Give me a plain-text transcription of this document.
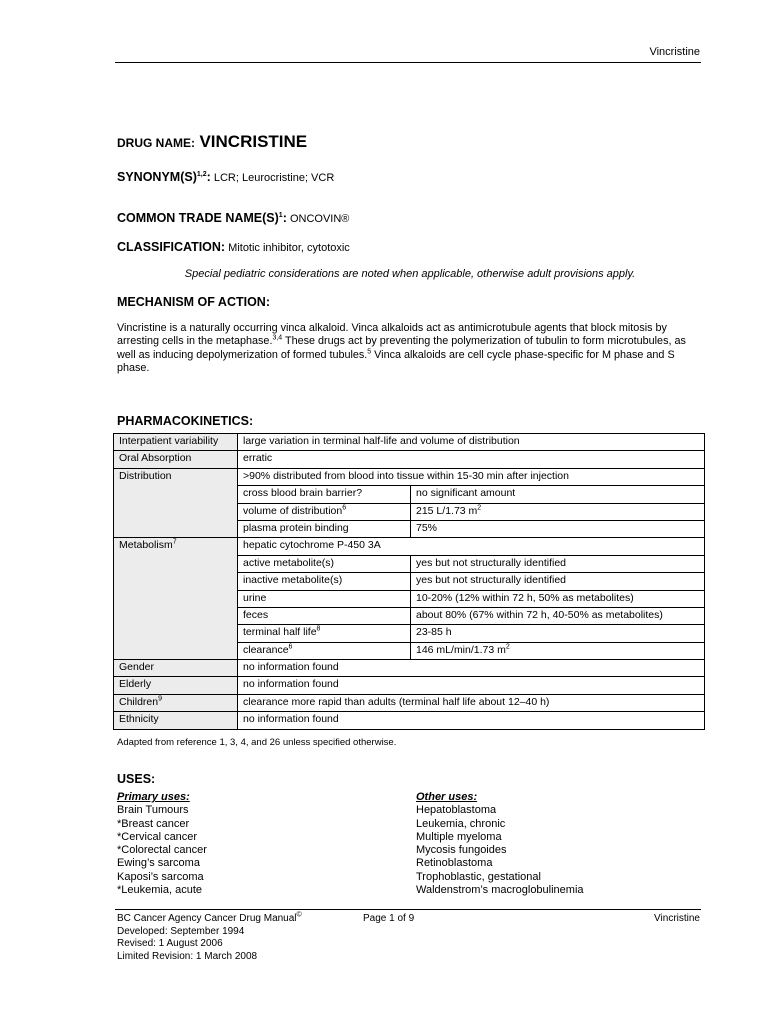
Vincristine
DRUG NAME: VINCRISTINE
$SYNONYM(S)^{1,2}$: LCR; Leurocristine; VCR
COMMON TRADE $NAME(S)^1$: ONCOVIN®
CLASSIFICATION: Mitotic inhibitor, cytotoxic
Special pediatric considerations are noted when applicable, otherwise adult provisions apply.
MECHANISM OF ACTION:
Vincristine is a naturally occurring vinca alkaloid. Vinca alkaloids act as antimicrotubule agents that block mitosis by arresting cells in the metaphase.$^{3,4}$ These drugs act by preventing the polymerization of tubulin to form microtubules, as well as inducing depolymerization of formed tubules.$^5$ Vinca alkaloids are cell cycle phase-specific for M phase and S phase.
PHARMACOKINETICS:
Interpatient variability	large variation in terminal half-life and volume of distribution	
Oral Absorption	erratic	
Distribution	>90% distributed from blood into tissue within 15-30 min after injection	
	cross blood brain barrier?	no significant amount
	volume of distribution$^6$	215 L/1.73 $m^2$
	plasma protein binding	75%
Metabolism$^7$	hepatic cytochrome P-450 3A	
	active metabolite(s)	yes but not structurally identified
	inactive metabolite(s)	yes but not structurally identified
	urine	10-20% (12% within 72 h, 50% as metabolites)
	feces	about 80% (67% within 72 h, 40-50% as metabolites)
	terminal half life$^8$	23-85 h
	clearance$^6$	146 mL/min/1.73 $m^2$
Gender	no information found	
Elderly	no information found	
Children$^9$	clearance more rapid than adults (terminal half life about 12–40 h)	
Ethnicity	no information found	
Adapted from reference 1, 3, 4, and 26 unless specified otherwise.
USES:
Primary uses:
Brain Tumours
*Breast cancer
*Cervical cancer
*Colorectal cancer
Ewing’s sarcoma
Kaposi’s sarcoma
*Leukemia, acute
Other uses:
Hepatoblastoma
Leukemia, chronic
Multiple myeloma
Mycosis fungoides
Retinoblastoma
Trophoblastic, gestational
Waldenstrom’s macroglobulinemia
BC Cancer Agency Cancer Drug Manual©
Developed: September 1994
Revised: 1 August 2006
Limited Revision: 1 March 2008
Page 1 of 9	Vincristine
